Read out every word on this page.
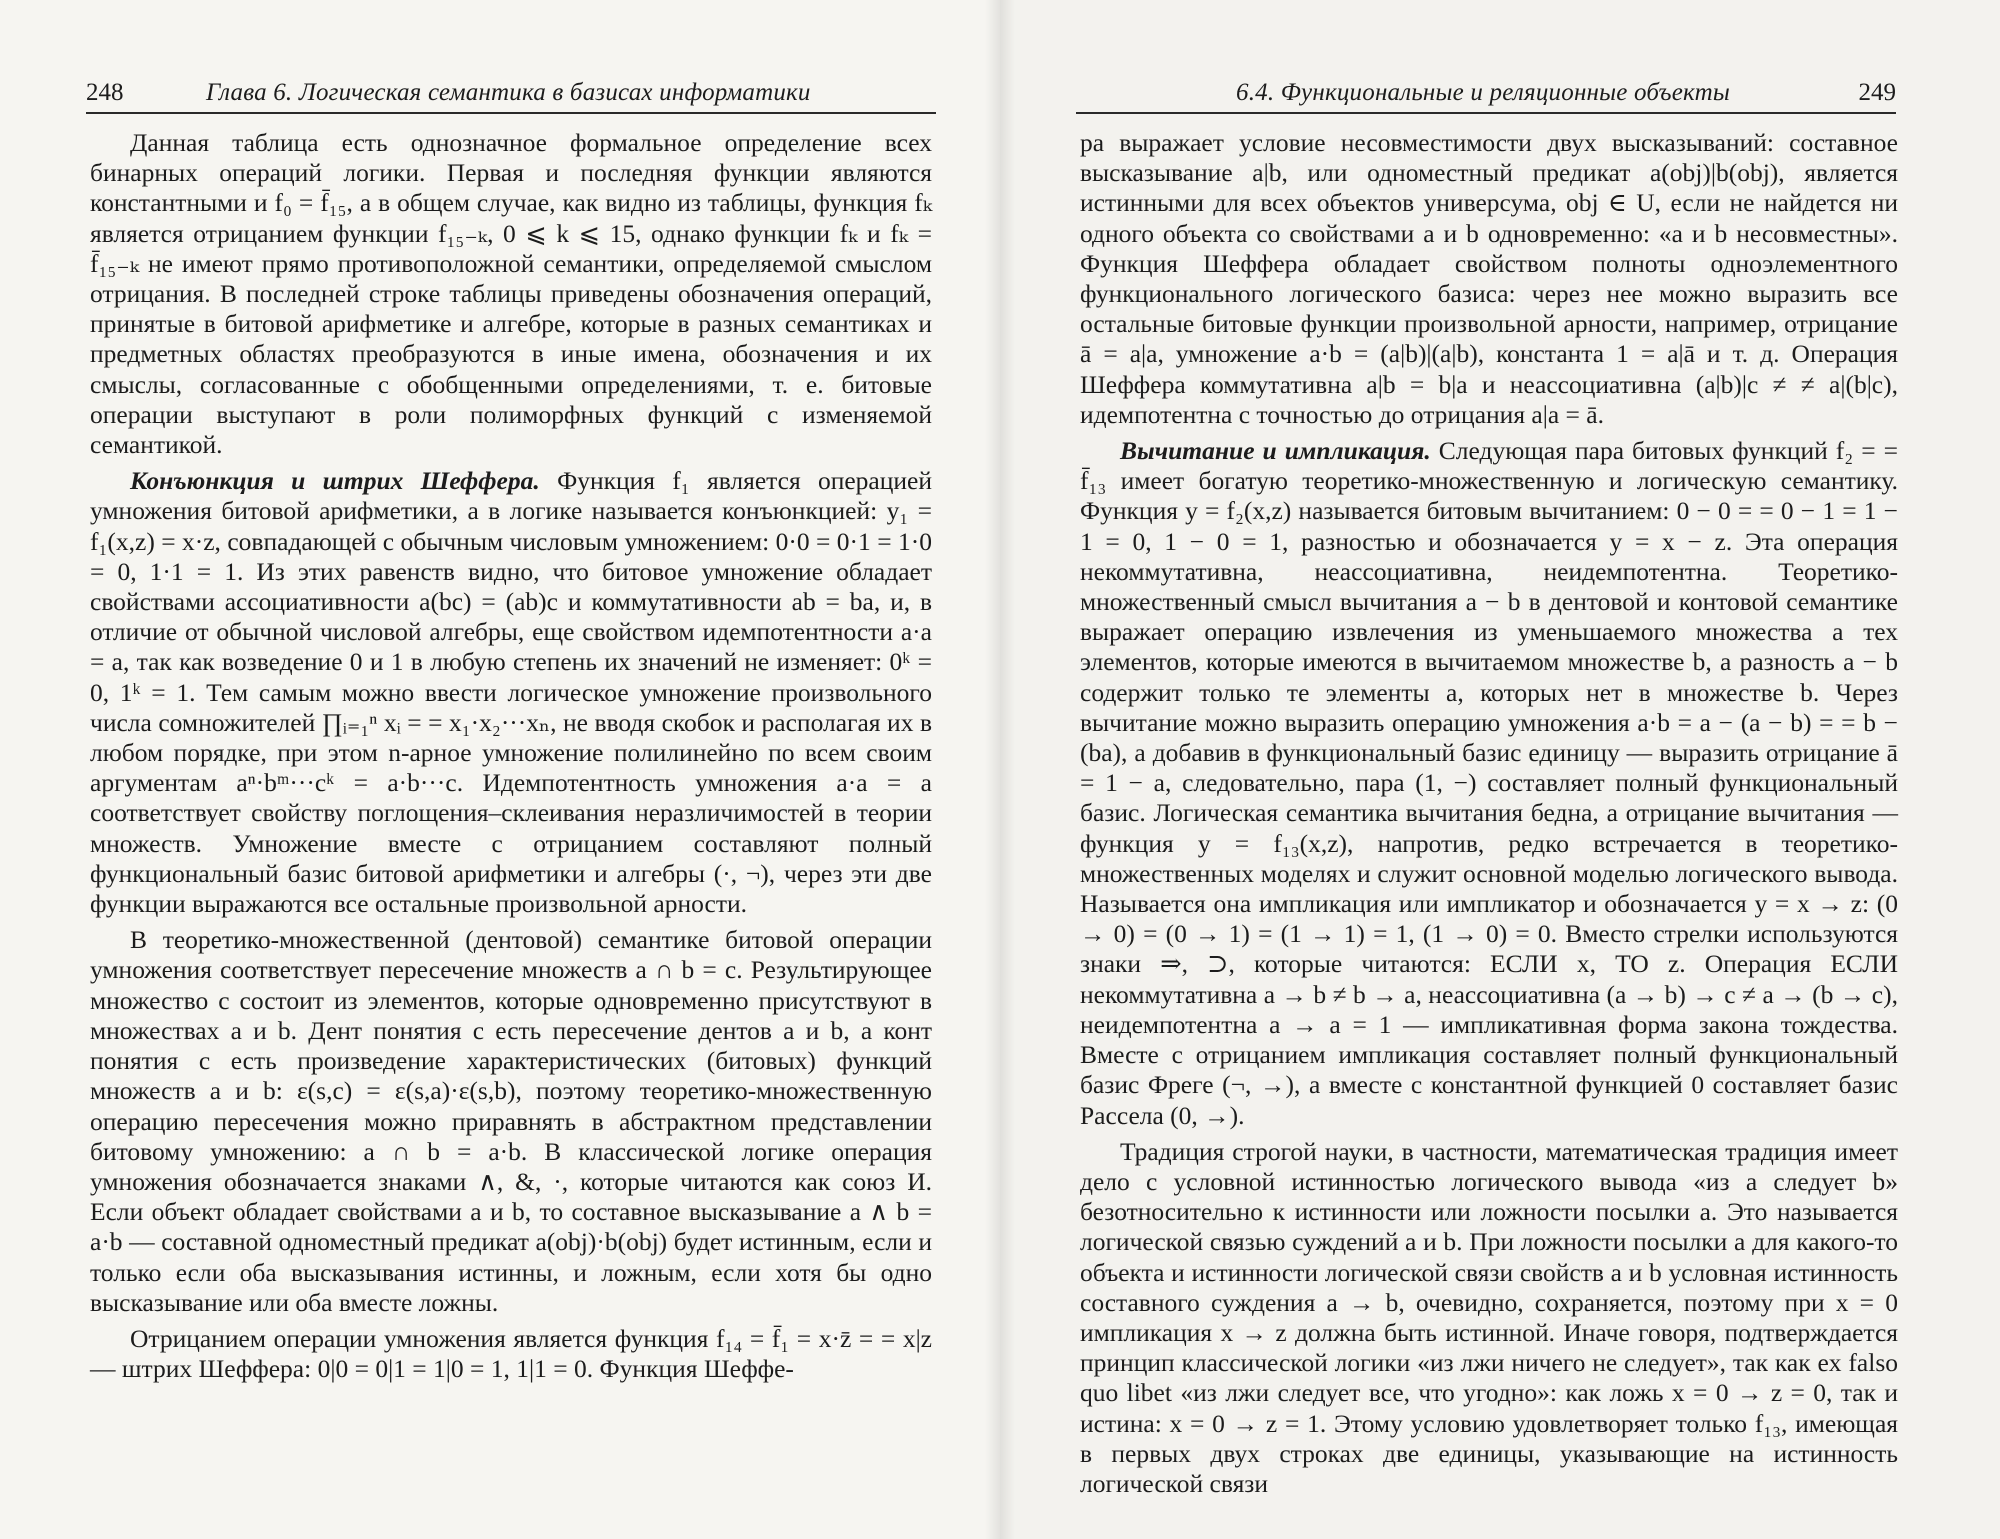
248	Глава 6. Логическая семантика в базисах информатики

Данная таблица есть однозначное формальное определение всех бинарных операций логики. Первая и последняя функции являются константными и f₀ = f̄₁₅, а в общем случае, как видно из таблицы, функция fₖ является отрицанием функции f₁₅₋ₖ, 0 ⩽ k ⩽ 15, однако функции fₖ и fₖ = f̄₁₅₋ₖ не имеют прямо противоположной семантики, определяемой смыслом отрицания. В последней строке таблицы приведены обозначения операций, принятые в битовой арифметике и алгебре, которые в разных семантиках и предметных областях преобразуются в иные имена, обозначения и их смыслы, согласованные с обобщенными определениями, т. е. битовые операции выступают в роли полиморфных функций с изменяемой семантикой.

Конъюнкция и штрих Шеффера. Функция f₁ является операцией умножения битовой арифметики, а в логике называется конъюнкцией: y₁ = f₁(x,z) = x·z, совпадающей с обычным числовым умножением: 0·0 = 0·1 = 1·0 = 0, 1·1 = 1. Из этих равенств видно, что битовое умножение обладает свойствами ассоциативности a(bc) = (ab)c и коммутативности ab = ba, и, в отличие от обычной числовой алгебры, еще свойством идемпотентности a·a = a, так как возведение 0 и 1 в любую степень их значений не изменяет: 0ᵏ = 0, 1ᵏ = 1. Тем самым можно ввести логическое умножение произвольного числа сомножителей ∏ᵢ₌₁ⁿ xᵢ = = x₁·x₂···xₙ, не вводя скобок и располагая их в любом порядке, при этом n-арное умножение полилинейно по всем своим аргументам aⁿ·bᵐ···cᵏ = a·b···c. Идемпотентность умножения a·a = a соответствует свойству поглощения–склеивания неразличимостей в теории множеств. Умножение вместе с отрицанием составляют полный функциональный базис битовой арифметики и алгебры (·, ¬), через эти две функции выражаются все остальные произвольной арности.

В теоретико-множественной (дентовой) семантике битовой операции умножения соответствует пересечение множеств a ∩ b = c. Результирующее множество c состоит из элементов, которые одновременно присутствуют в множествах a и b. Дент понятия c есть пересечение дентов a и b, а конт понятия c есть произведение характеристических (битовых) функций множеств a и b: ε(s,c) = ε(s,a)·ε(s,b), поэтому теоретико-множественную операцию пересечения можно приравнять в абстрактном представлении битовому умножению: a ∩ b = a·b. В классической логике операция умножения обозначается знаками ∧, &, ·, которые читаются как союз И. Если объект обладает свойствами a и b, то составное высказывание a ∧ b = a·b — составной одноместный предикат a(obj)·b(obj) будет истинным, если и только если оба высказывания истинны, и ложным, если хотя бы одно высказывание или оба вместе ложны.

Отрицанием операции умножения является функция f₁₄ = f̄₁ = x·z̄ = = x|z — штрих Шеффера: 0|0 = 0|1 = 1|0 = 1, 1|1 = 0. Функция Шеффе-

6.4. Функциональные и реляционные объекты	249

ра выражает условие несовместимости двух высказываний: составное высказывание a|b, или одноместный предикат a(obj)|b(obj), является истинными для всех объектов универсума, obj ∈ U, если не найдется ни одного объекта со свойствами a и b одновременно: «a и b несовместны». Функция Шеффера обладает свойством полноты одноэлементного функционального логического базиса: через нее можно выразить все остальные битовые функции произвольной арности, например, отрицание ā = a|a, умножение a·b = (a|b)|(a|b), константа 1 = a|ā и т. д. Операция Шеффера коммутативна a|b = b|a и неассоциативна (a|b)|c ≠ ≠ a|(b|c), идемпотентна с точностью до отрицания a|a = ā.

Вычитание и импликация. Следующая пара битовых функций f₂ = = f̄₁₃ имеет богатую теоретико-множественную и логическую семантику. Функция y = f₂(x,z) называется битовым вычитанием: 0 − 0 = = 0 − 1 = 1 − 1 = 0, 1 − 0 = 1, разностью и обозначается y = x − z. Эта операция некоммутативна, неассоциативна, неидемпотентна. Теоретико-множественный смысл вычитания a − b в дентовой и контовой семантике выражает операцию извлечения из уменьшаемого множества a тех элементов, которые имеются в вычитаемом множестве b, а разность a − b содержит только те элементы a, которых нет в множестве b. Через вычитание можно выразить операцию умножения a·b = a − (a − b) = = b − (ba), а добавив в функциональный базис единицу — выразить отрицание ā = 1 − a, следовательно, пара (1, −) составляет полный функциональный базис. Логическая семантика вычитания бедна, а отрицание вычитания — функция y = f₁₃(x,z), напротив, редко встречается в теоретико-множественных моделях и служит основной моделью логического вывода. Называется она импликация или импликатор и обозначается y = x → z: (0 → 0) = (0 → 1) = (1 → 1) = 1, (1 → 0) = 0. Вместо стрелки используются знаки ⇒, ⊃, которые читаются: ЕСЛИ x, ТО z. Операция ЕСЛИ некоммутативна a → b ≠ b → a, неассоциативна (a → b) → c ≠ a → (b → c), неидемпотентна a → a = 1 — импликативная форма закона тождества. Вместе с отрицанием импликация составляет полный функциональный базис Фреге (¬, →), а вместе с константной функцией 0 составляет базис Рассела (0, →).

Традиция строгой науки, в частности, математическая традиция имеет дело с условной истинностью логического вывода «из a следует b» безотносительно к истинности или ложности посылки a. Это называется логической связью суждений a и b. При ложности посылки a для какого-то объекта и истинности логической связи свойств a и b условная истинность составного суждения a → b, очевидно, сохраняется, поэтому при x = 0 импликация x → z должна быть истинной. Иначе говоря, подтверждается принцип классической логики «из лжи ничего не следует», так как ex falso quo libet «из лжи следует все, что угодно»: как ложь x = 0 → z = 0, так и истина: x = 0 → z = 1. Этому условию удовлетворяет только f₁₃, имеющая в первых двух строках две единицы, указывающие на истинность логической связи
